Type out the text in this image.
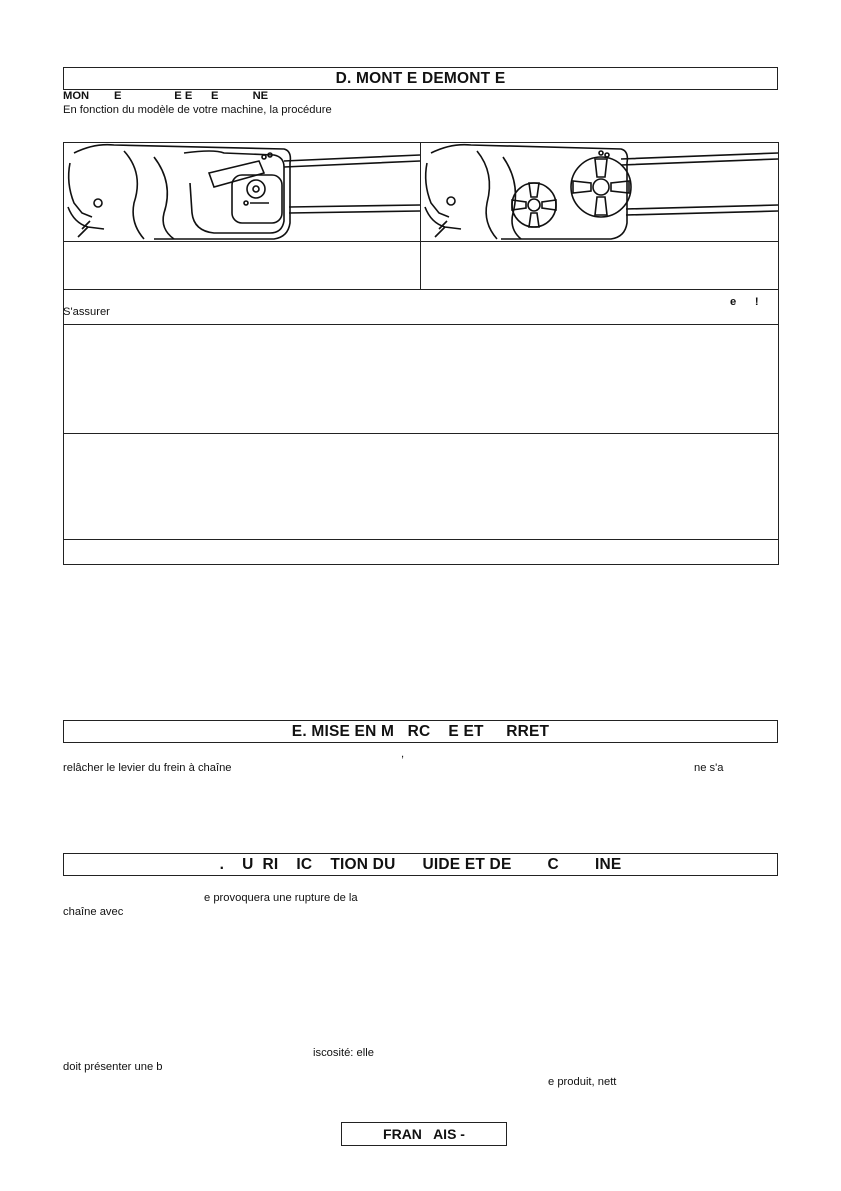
D. MONT E DEMONT E
MON        E                 E E      E           NE
En fonction du modèle de votre machine, la procédure
e      !
S'assurer
E. MISE EN M   RC    E ET     RRET
,
relâcher le levier du frein à chaîne	ne s'a
.    U  RI    IC    TION DU      UIDE ET DE        C        INE
e provoquera une rupture de la
chaîne avec
iscosité: elle
doit présenter une b
e produit, nett
FRAN   AIS -
